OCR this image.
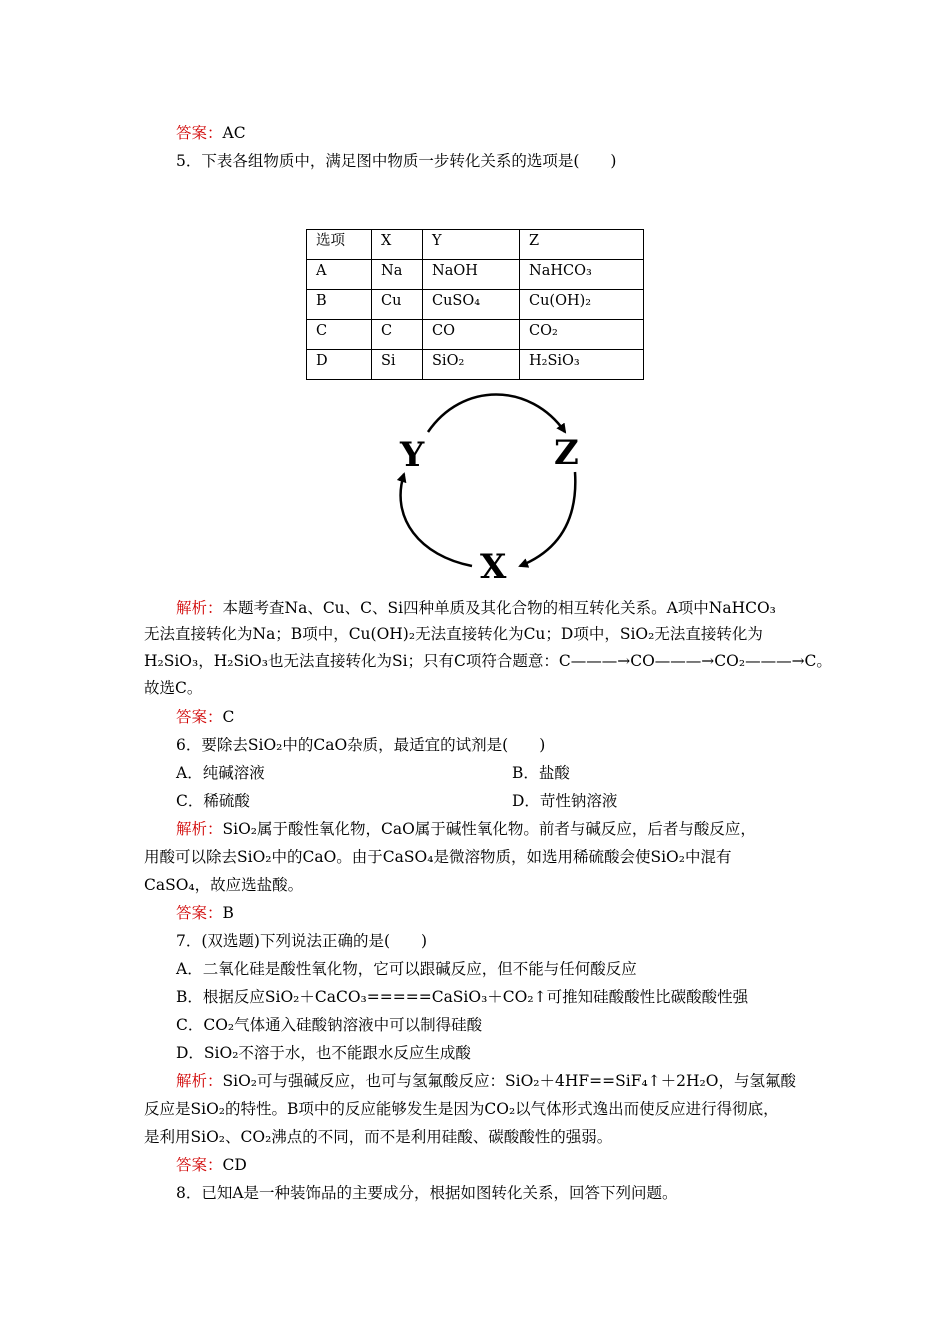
答案：AC
5．下表各组物质中，满足图中物质一步转化关系的选项是(　　)
选项	X	Y	Z
A	Na	NaOH	NaHCO₃
B	Cu	CuSO₄	Cu(OH)₂
C	C	CO	CO₂
D	Si	SiO₂	H₂SiO₃
Y	Z
X
解析：本题考查Na、Cu、C、Si四种单质及其化合物的相互转化关系。A项中NaHCO₃
无法直接转化为Na；B项中，Cu(OH)₂无法直接转化为Cu；D项中，SiO₂无法直接转化为
H₂SiO₃，H₂SiO₃也无法直接转化为Si；只有C项符合题意：C———→CO———→CO₂———→C。
故选C。
答案：C
6．要除去SiO₂中的CaO杂质，最适宜的试剂是(　　)
A．纯碱溶液	B．盐酸
C．稀硫酸	D．苛性钠溶液
解析：SiO₂属于酸性氧化物，CaO属于碱性氧化物。前者与碱反应，后者与酸反应，
用酸可以除去SiO₂中的CaO。由于CaSO₄是微溶物质，如选用稀硫酸会使SiO₂中混有
CaSO₄，故应选盐酸。
答案：B
7．(双选题)下列说法正确的是(　　)
A．二氧化硅是酸性氧化物，它可以跟碱反应，但不能与任何酸反应
B．根据反应SiO₂＋CaCO₃=====CaSiO₃＋CO₂↑可推知硅酸酸性比碳酸酸性强
C．CO₂气体通入硅酸钠溶液中可以制得硅酸
D．SiO₂不溶于水，也不能跟水反应生成酸
解析：SiO₂可与强碱反应，也可与氢氟酸反应：SiO₂＋4HF==SiF₄↑＋2H₂O，与氢氟酸
反应是SiO₂的特性。B项中的反应能够发生是因为CO₂以气体形式逸出而使反应进行得彻底，
是利用SiO₂、CO₂沸点的不同，而不是利用硅酸、碳酸酸性的强弱。
答案：CD
8．已知A是一种装饰品的主要成分，根据如图转化关系，回答下列问题。
